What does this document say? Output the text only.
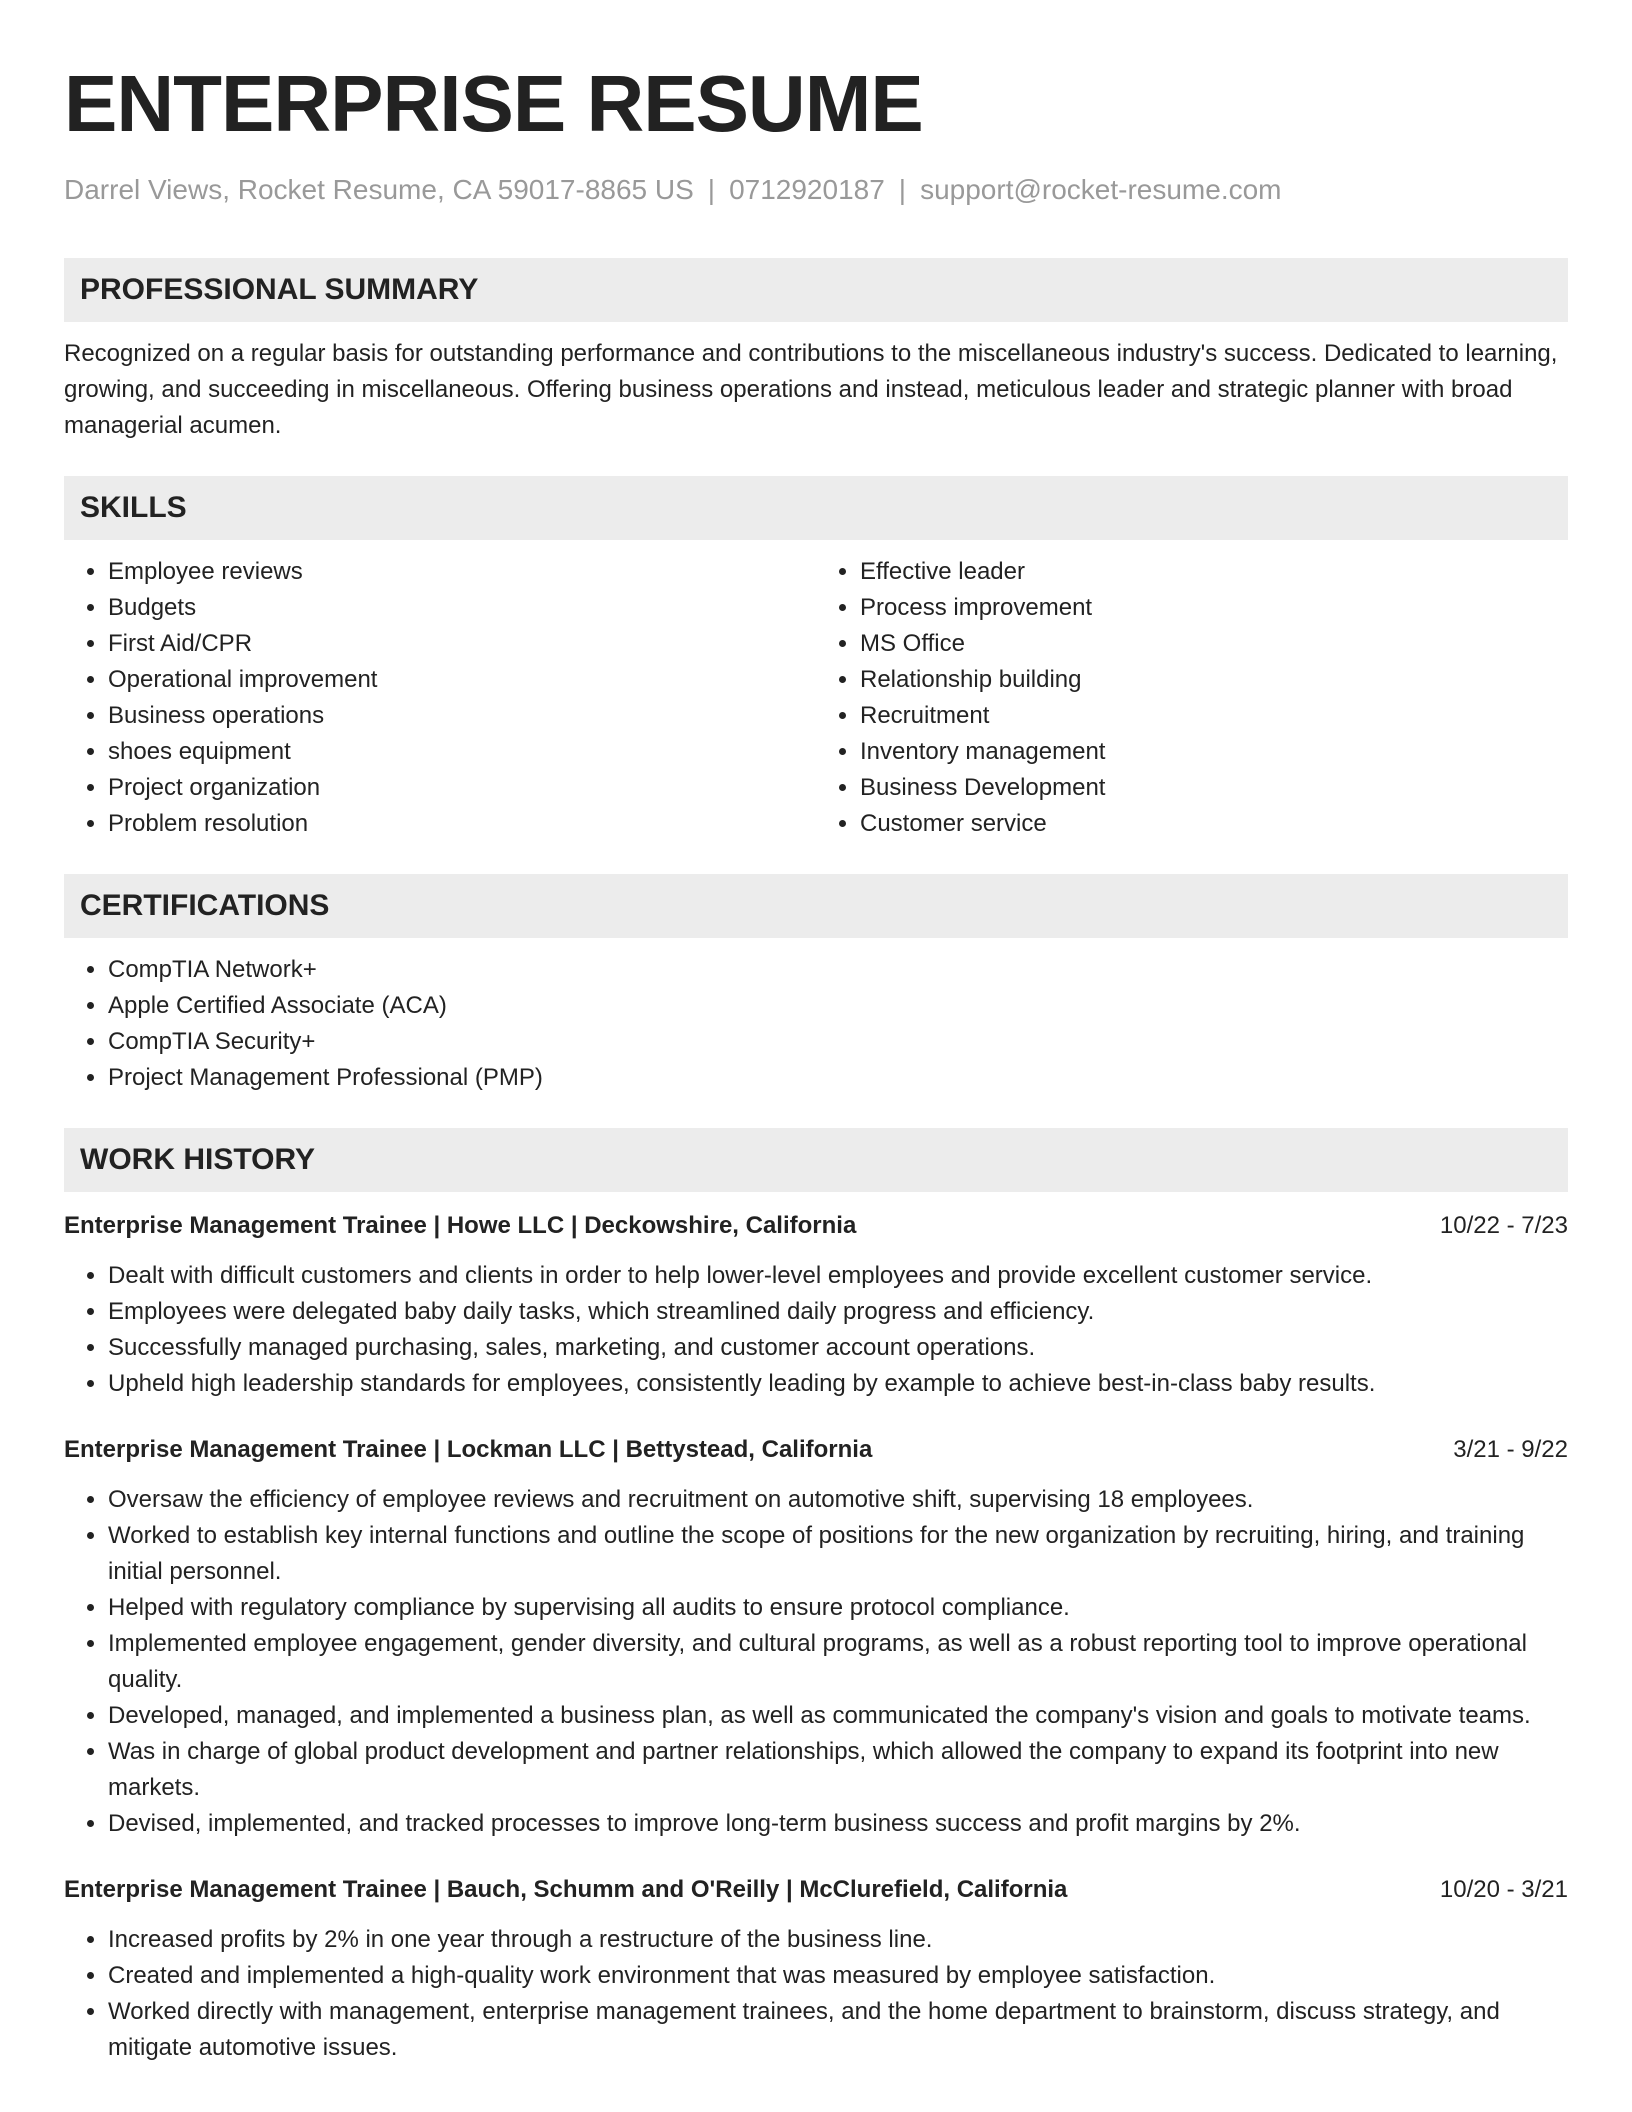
ENTERPRISE RESUME
Darrel Views, Rocket Resume, CA 59017-8865 US | 0712920187 | support@rocket-resume.com
PROFESSIONAL SUMMARY

Recognized on a regular basis for outstanding performance and contributions to the miscellaneous industry's success. Dedicated to learning, growing, and succeeding in miscellaneous. Offering business operations and instead, meticulous leader and strategic planner with broad managerial acumen.

SKILLS
• Employee reviews
• Budgets
• First Aid/CPR
• Operational improvement
• Business operations
• shoes equipment
• Project organization
• Problem resolution
• Effective leader
• Process improvement
• MS Office
• Relationship building
• Recruitment
• Inventory management
• Business Development
• Customer service
CERTIFICATIONS
• CompTIA Network+
• Apple Certified Associate (ACA)
• CompTIA Security+
• Project Management Professional (PMP)
WORK HISTORY
Enterprise Management Trainee | Howe LLC | Deckowshire, California	10/22 - 7/23
• Dealt with difficult customers and clients in order to help lower-level employees and provide excellent customer service.
• Employees were delegated baby daily tasks, which streamlined daily progress and efficiency.
• Successfully managed purchasing, sales, marketing, and customer account operations.
• Upheld high leadership standards for employees, consistently leading by example to achieve best-in-class baby results.
Enterprise Management Trainee | Lockman LLC | Bettystead, California	3/21 - 9/22
• Oversaw the efficiency of employee reviews and recruitment on automotive shift, supervising 18 employees.
• Worked to establish key internal functions and outline the scope of positions for the new organization by recruiting, hiring, and training initial personnel.
• Helped with regulatory compliance by supervising all audits to ensure protocol compliance.
• Implemented employee engagement, gender diversity, and cultural programs, as well as a robust reporting tool to improve operational quality.
• Developed, managed, and implemented a business plan, as well as communicated the company's vision and goals to motivate teams.
• Was in charge of global product development and partner relationships, which allowed the company to expand its footprint into new markets.
• Devised, implemented, and tracked processes to improve long-term business success and profit margins by 2%.
Enterprise Management Trainee | Bauch, Schumm and O'Reilly | McClurefield, California	10/20 - 3/21
• Increased profits by 2% in one year through a restructure of the business line.
• Created and implemented a high-quality work environment that was measured by employee satisfaction.
• Worked directly with management, enterprise management trainees, and the home department to brainstorm, discuss strategy, and mitigate automotive issues.
